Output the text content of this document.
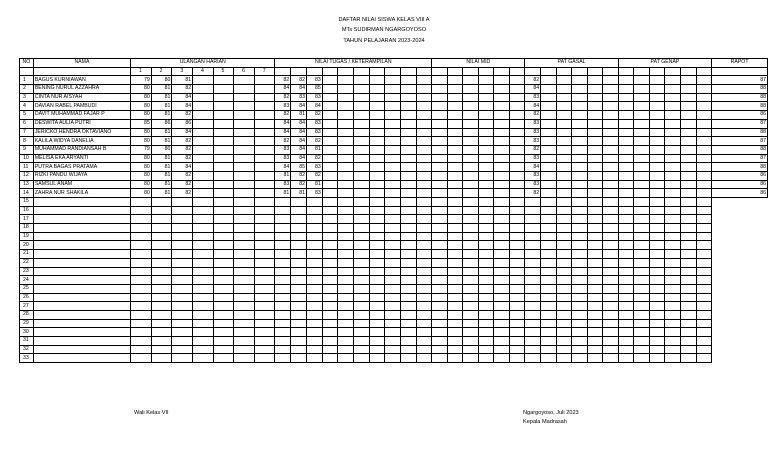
DAFTAR NILAI SISWA KELAS VIII A
MTs SUDIRMAN NGARGOYOSO
TAHUN PELAJARAN 2023-2024
NO	NAMA	ULANGAN HARIAN							NILAI TUGAS / KETERAMPILAN										NILAI MID						PAT GASAL						PAT GENAP						RAPOT
		1	2	3	4	5	6	7																													
1	BAGUS KURNIAWAN	79	80	81					82	82	83														82												87
2	BENING NURUL AZZAHRA	80	81	82					84	84	85														84												88
3	CINTA NUR AISYAH	80	81	84					82	83	83														83												88
4	DAVIAN RABEL PAMBUDI	80	81	84					83	84	84														84												88
5	DAVIT MUHAMMAD FAJAR P	80	81	82					82	81	82														82												86
6	DESWITA AULIA PUTRI	85	86	86					84	84	83														83												87
7	JERICKO HENDRA OKTAVIANO	80	81	84					84	84	83														83												88
8	KALILA WIDYA DANELIA	80	81	82					82	84	82														83												87
9	MUHAMMAD RANDIANSAH B	79	80	82					83	84	81														82												88
10	MELISA EKA ARYANTI	80	81	82					83	84	82														83												87
11	PUTRA BAGAS PRATAMA	80	81	84					84	85	83														84												88
12	RIZKI PANDU WIJAYA	80	81	82					81	82	82														83												86
13	SAMSUL ANAM	80	81	82					83	82	81														83												86
14	ZAHRA NUR SHAKILA	80	81	82					81	81	83														82												86
15																																					
16																																					
17																																					
18																																					
19																																					
20																																					
21																																					
22																																					
23																																					
24																																					
25																																					
26																																					
27																																					
28																																					
29																																					
30																																					
31																																					
32																																					
33																																					
Wali Kelas VII	Ngargoyoso, Juli 2023
Kepala Madrasah
